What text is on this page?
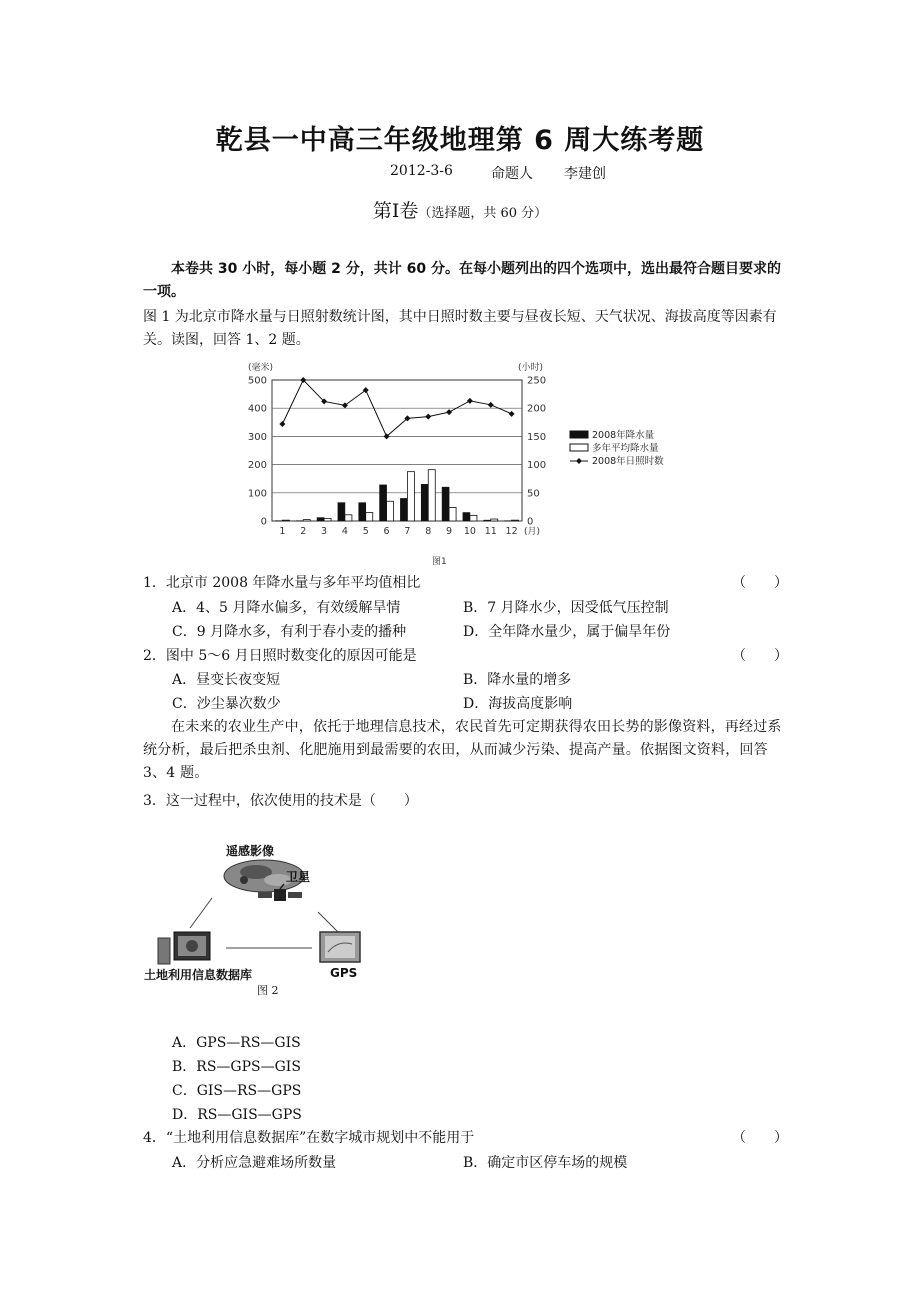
乾县一中高三年级地理第 6 周大练考题
2012-3-6	命题人 李建创
第Ⅰ卷（选择题，共 60 分）
本卷共 30 小时，每小题 2 分，共计 60 分。在每小题列出的四个选项中，选出最符合题目要求的一项。
图 1 为北京市降水量与日照射数统计图，其中日照时数主要与昼夜长短、天气状况、海拔高度等因素有关。读图，回答 1、2 题。
0
100
200
300
400
500
0
50
100
150
200
250
(毫米)	(小时)
1 2 3 4 5 6 7 8 9 10 11 12 (月)
2008年降水量
多年平均降水量
2008年日照时数
图1
1．北京市 2008 年降水量与多年平均值相比	（　　）
A．4、5 月降水偏多，有效缓解旱情	B．7 月降水少，因受低气压控制
C．9 月降水多，有利于春小麦的播种	D．全年降水量少，属于偏旱年份
2．图中 5～6 月日照时数变化的原因可能是	（　　）
A．昼变长夜变短	B．降水量的增多
C．沙尘暴次数少	D．海拔高度影响
在未来的农业生产中，依托于地理信息技术，农民首先可定期获得农田长势的影像资料，再经过系统分析，最后把杀虫剂、化肥施用到最需要的农田，从而减少污染、提高产量。依据图文资料，回答 3、4 题。
3．这一过程中，依次使用的技术是（　　）
遥感影像
卫星
土地利用信息数据库	GPS
图 2
A．GPS—RS—GIS
B．RS—GPS—GIS
C．GIS—RS—GPS
D．RS—GIS—GPS
4．“土地利用信息数据库”在数字城市规划中不能用于	（　　）
A．分析应急避难场所数量	B．确定市区停车场的规模
